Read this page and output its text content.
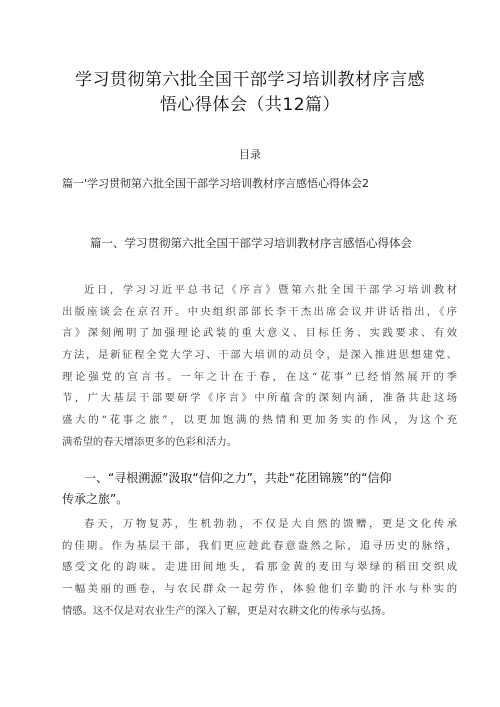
学习贯彻第六批全国干部学习培训教材序言感
悟心得体会（共12篇）
目录
篇一'学习贯彻第六批全国干部学习培训教材序言感悟心得体会2
篇一、学习贯彻第六批全国干部学习培训教材序言感悟心得体会
近日，学习习近平总书记《序言》暨第六批全国干部学习培训教材
出版座谈会在京召开。中央组织部部长李干杰出席会议并讲话指出，《序
言》深刻阐明了加强理论武装的重大意义、目标任务、实践要求、有效
方法，是新征程全党大学习、干部大培训的动员令，是深入推进思想建党、
理论强党的宣言书。一年之计在于春，在这“花事”已经悄然展开的季
节，广大基层干部要研学《序言》中所蕴含的深刻内涵，准备共赴这场
盛大的“花事之旅”，以更加饱满的热情和更加务实的作风，为这个充
满希望的春天增添更多的色彩和活力。
一、“寻根溯源”汲取“信仰之力”，共赴“花团锦簇”的“信仰
传承之旅”。
春天，万物复苏，生机勃勃，不仅是大自然的馈赠，更是文化传承
的佳期。作为基层干部，我们更应趁此春意盎然之际，追寻历史的脉络，
感受文化的韵味。走进田间地头，看那金黄的麦田与翠绿的稻田交织成
一幅美丽的画卷，与农民群众一起劳作，体验他们辛勤的汗水与朴实的
情感。这不仅是对农业生产的深入了解，更是对农耕文化的传承与弘扬。
